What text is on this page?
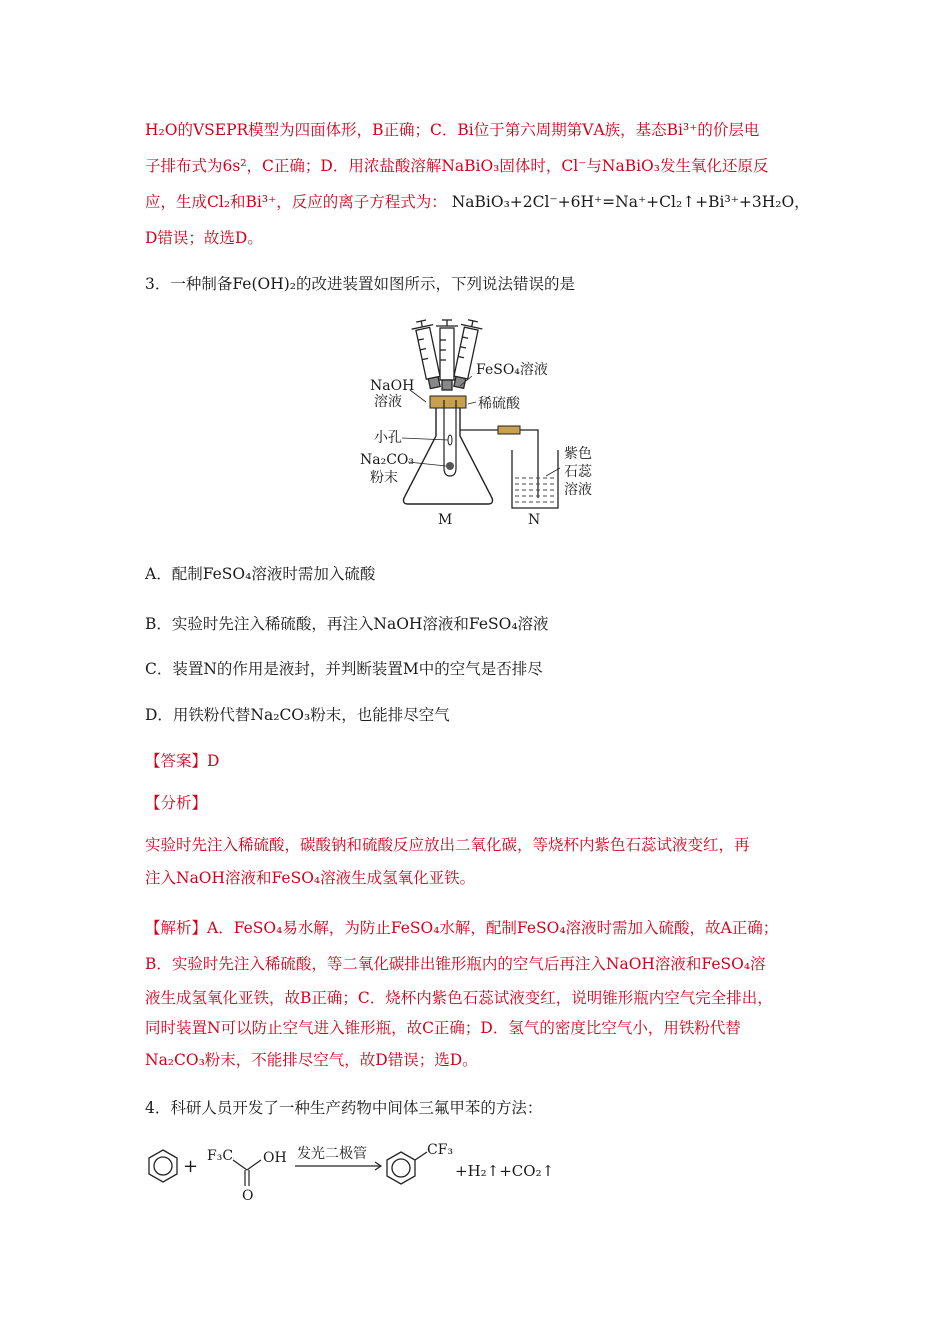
H₂O的VSEPR模型为四面体形，B正确；C．Bi位于第六周期第ⅤA族，基态Bi³⁺的价层电
子排布式为6s²，C正确；D．用浓盐酸溶解NaBiO₃固体时，Cl⁻与NaBiO₃发生氧化还原反
应，生成Cl₂和Bi³⁺，反应的离子方程式为： NaBiO₃+2Cl⁻+6H⁺=Na⁺+Cl₂↑+Bi³⁺+3H₂O，
D错误；故选D。
3．一种制备Fe(OH)₂的改进装置如图所示，下列说法错误的是
FeSO₄溶液
NaOH
溶液	稀硫酸
小孔
Na₂CO₃
粉末
紫色
石蕊
溶液
M	N
A．配制FeSO₄溶液时需加入硫酸
B．实验时先注入稀硫酸，再注入NaOH溶液和FeSO₄溶液
C．装置N的作用是液封，并判断装置M中的空气是否排尽
D．用铁粉代替Na₂CO₃粉末，也能排尽空气
【答案】D
【分析】
实验时先注入稀硫酸，碳酸钠和硫酸反应放出二氧化碳，等烧杯内紫色石蕊试液变红，再
注入NaOH溶液和FeSO₄溶液生成氢氧化亚铁。
【解析】A．FeSO₄易水解，为防止FeSO₄水解，配制FeSO₄溶液时需加入硫酸，故A正确；
B．实验时先注入稀硫酸，等二氧化碳排出锥形瓶内的空气后再注入NaOH溶液和FeSO₄溶
液生成氢氧化亚铁，故B正确；C．烧杯内紫色石蕊试液变红，说明锥形瓶内空气完全排出，
同时装置N可以防止空气进入锥形瓶，故C正确；D．氢气的密度比空气小，用铁粉代替
Na₂CO₃粉末，不能排尽空气，故D错误；选D。
4．科研人员开发了一种生产药物中间体三氟甲苯的方法：
+ F₃C OH
O
发光二极管	CF₃
+H₂↑+CO₂↑
